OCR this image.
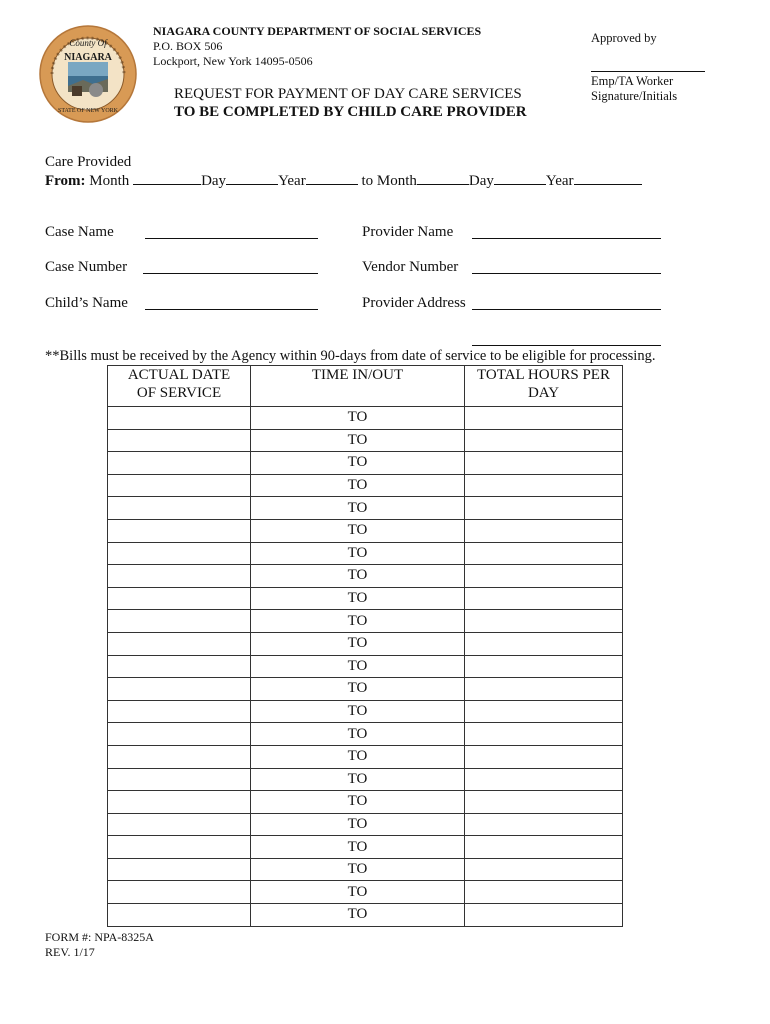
County Of
NIAGARA
STATE OF NEW YORK
NIAGARA COUNTY DEPARTMENT OF SOCIAL SERVICES
P.O. BOX 506
Lockport, New York 14095-0506
Approved by
Emp/TA Worker
Signature/Initials
REQUEST FOR PAYMENT OF DAY CARE SERVICES
TO BE COMPLETED BY CHILD CARE PROVIDER
Care Provided
From: Month	Day	Year	to Month	Day	Year
Case Name
Case Number
Child’s Name
Provider Name
Vendor Number
Provider Address
**Bills must be received by the Agency within 90-days from date of service to be eligible for processing.
ACTUAL DATE
OF SERVICE	TIME IN/OUT	TOTAL HOURS PER
DAY
	TO	
	TO	
	TO	
	TO	
	TO	
	TO	
	TO	
	TO	
	TO	
	TO	
	TO	
	TO	
	TO	
	TO	
	TO	
	TO	
	TO	
	TO	
	TO	
	TO	
	TO	
	TO	
	TO	
FORM #: NPA-8325A
REV. 1/17
